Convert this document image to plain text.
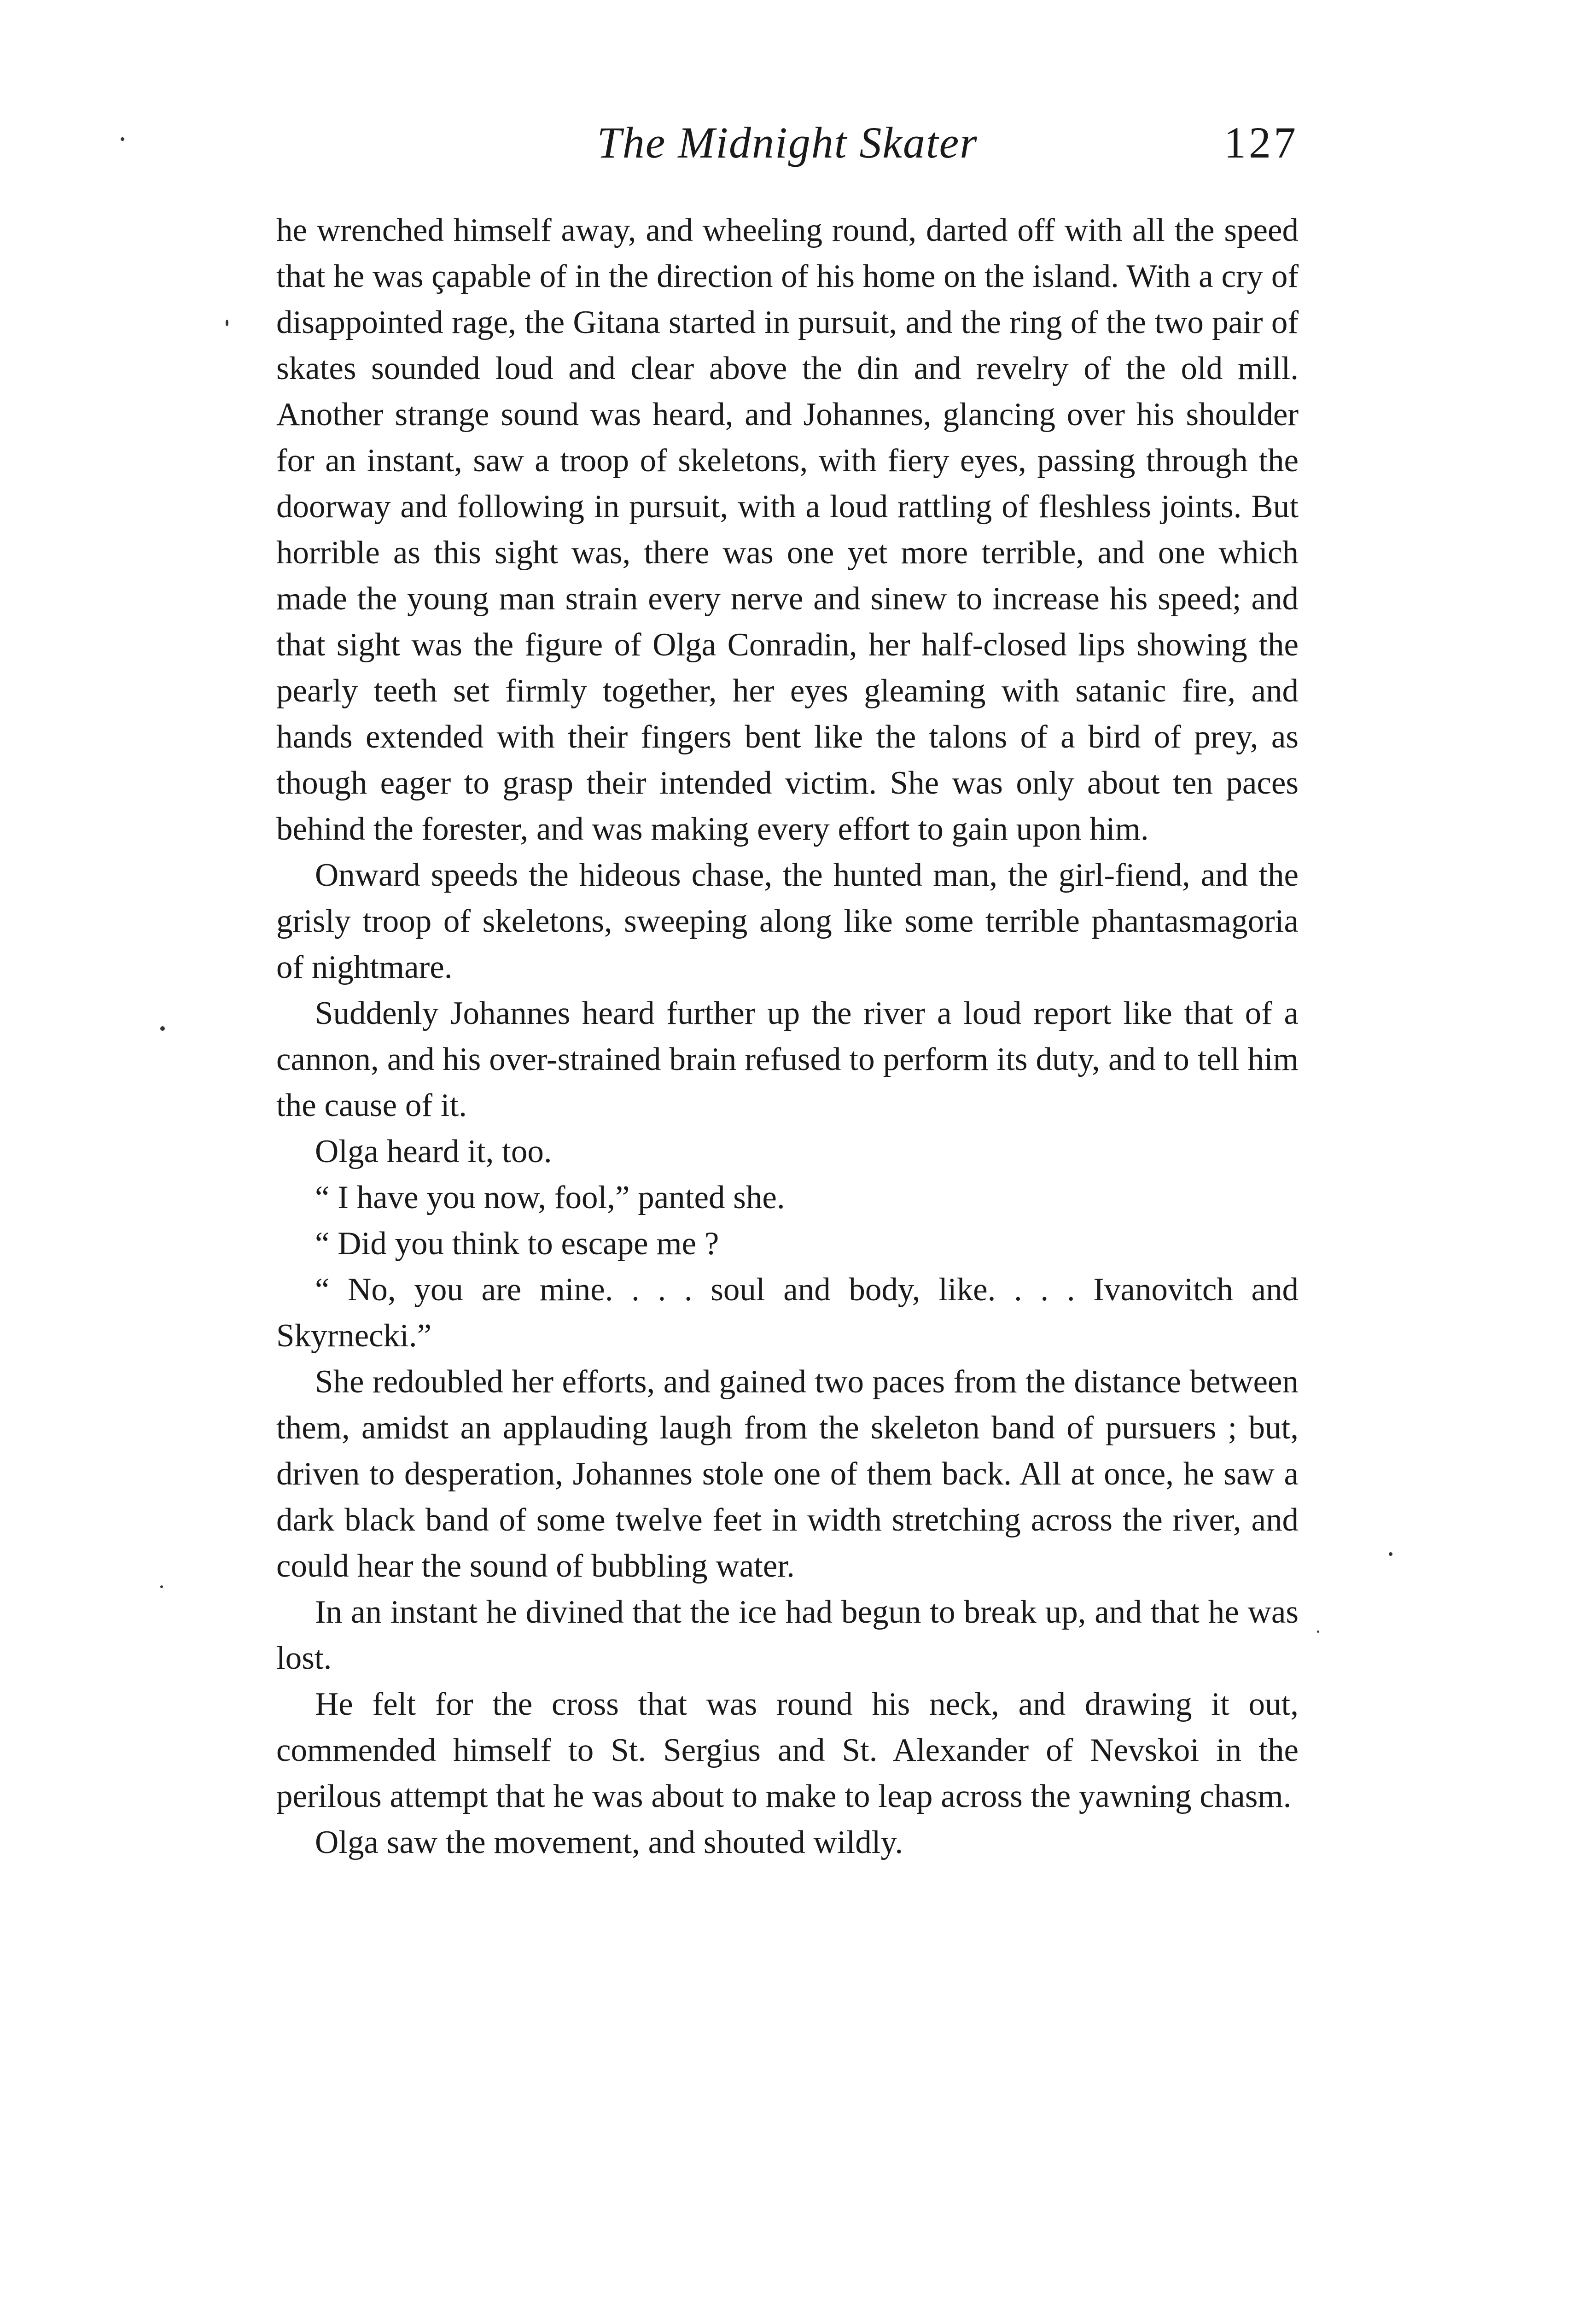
The Midnight Skater	127

he wrenched himself away, and wheeling round, darted off with all the speed that he was çapable of in the direction of his home on the island. With a cry of disappointed rage, the Gitana started in pursuit, and the ring of the two pair of skates sounded loud and clear above the din and revelry of the old mill. Another strange sound was heard, and Johannes, glancing over his shoulder for an instant, saw a troop of skeletons, with fiery eyes, passing through the doorway and following in pursuit, with a loud rattling of fleshless joints. But horrible as this sight was, there was one yet more terrible, and one which made the young man strain every nerve and sinew to increase his speed; and that sight was the figure of Olga Conradin, her half-closed lips showing the pearly teeth set firmly together, her eyes gleaming with satanic fire, and hands extended with their fingers bent like the talons of a bird of prey, as though eager to grasp their intended victim. She was only about ten paces behind the forester, and was making every effort to gain upon him.

Onward speeds the hideous chase, the hunted man, the girl-fiend, and the grisly troop of skeletons, sweeping along like some terrible phantasmagoria of nightmare.

Suddenly Johannes heard further up the river a loud report like that of a cannon, and his over-strained brain refused to perform its duty, and to tell him the cause of it.

Olga heard it, too.

“ I have you now, fool,” panted she.

“ Did you think to escape me ?

“ No, you are mine. . . . soul and body, like. . . . Ivanovitch and Skyrnecki.”

She redoubled her efforts, and gained two paces from the distance between them, amidst an applauding laugh from the skeleton band of pursuers ; but, driven to desperation, Johannes stole one of them back. All at once, he saw a dark black band of some twelve feet in width stretching across the river, and could hear the sound of bubbling water.

In an instant he divined that the ice had begun to break up, and that he was lost.

He felt for the cross that was round his neck, and drawing it out, commended himself to St. Sergius and St. Alexander of Nevskoi in the perilous attempt that he was about to make to leap across the yawning chasm.

Olga saw the movement, and shouted wildly.
